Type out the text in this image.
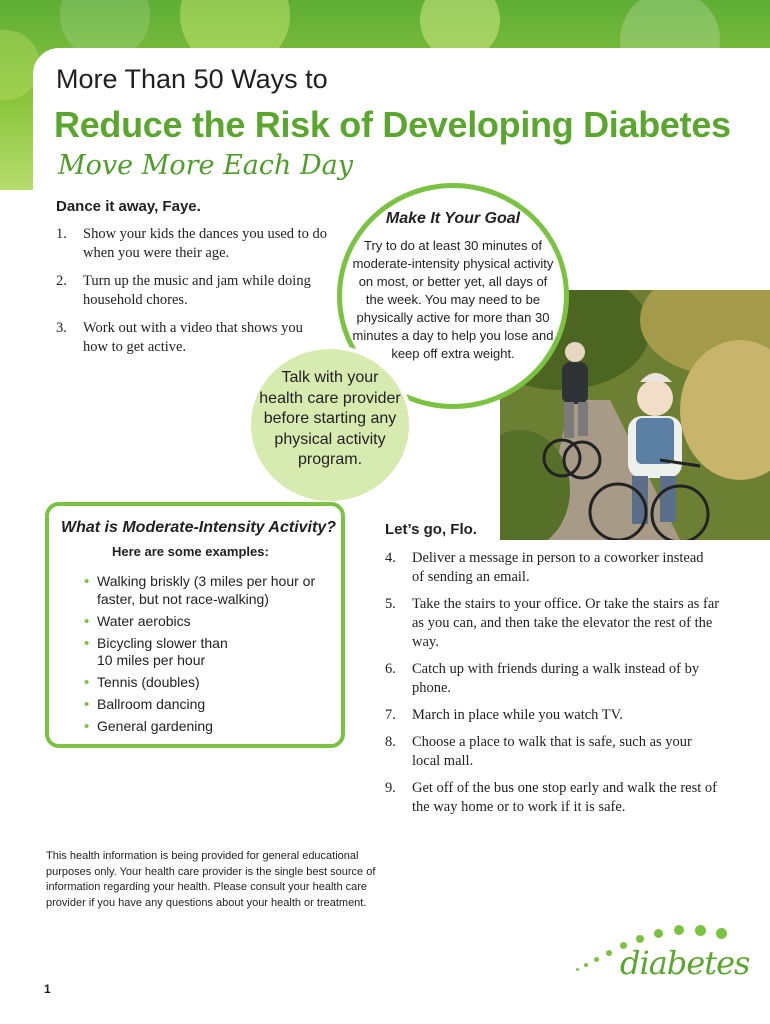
More Than 50 Ways to
Reduce the Risk of Developing Diabetes
Move More Each Day
Dance it away, Faye.
1. Show your kids the dances you used to do when you were their age.
2. Turn up the music and jam while doing household chores.
3. Work out with a video that shows you how to get active.
Make It Your Goal
Try to do at least 30 minutes of moderate-intensity physical activity on most, or better yet, all days of the week. You may need to be physically active for more than 30 minutes a day to help you lose and keep off extra weight.
Talk with your health care provider before starting any physical activity program.
What is Moderate-Intensity Activity?
Here are some examples:
• Walking briskly (3 miles per hour or faster, but not race-walking)
• Water aerobics
• Bicycling slower than 10 miles per hour
• Tennis (doubles)
• Ballroom dancing
• General gardening
Let’s go, Flo.
4. Deliver a message in person to a coworker instead of sending an email.
5. Take the stairs to your office. Or take the stairs as far as you can, and then take the elevator the rest of the way.
6. Catch up with friends during a walk instead of by phone.
7. March in place while you watch TV.
8. Choose a place to walk that is safe, such as your local mall.
9. Get off of the bus one stop early and walk the rest of the way home or to work if it is safe.
This health information is being provided for general educational purposes only. Your health care provider is the single best source of information regarding your health. Please consult your health care provider if you have any questions about your health or treatment.
diabetes
1
